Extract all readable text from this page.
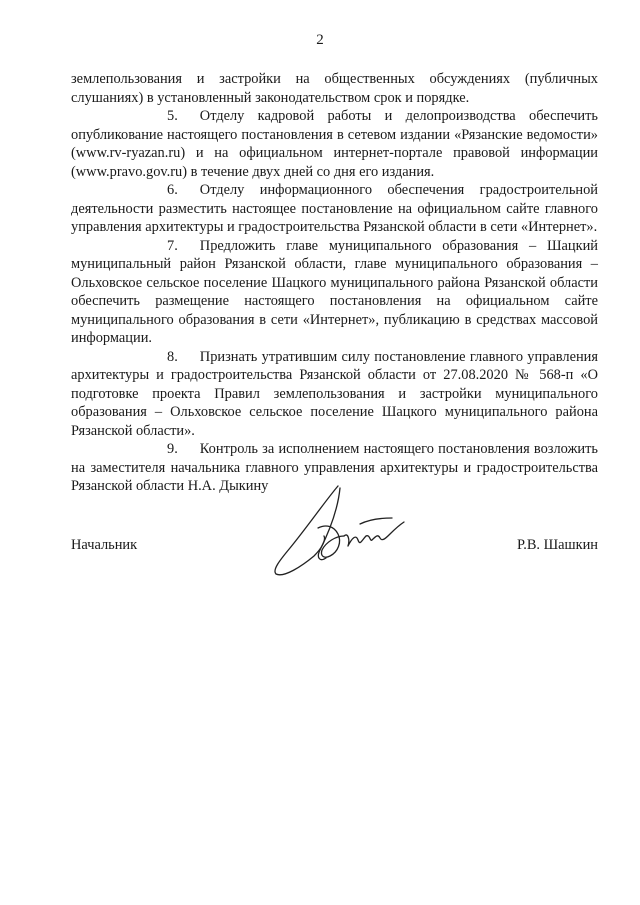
2

землепользования и застройки на общественных обсуждениях (публичных слушаниях) в установленный законодательством срок и порядке.

5. Отделу кадровой работы и делопроизводства обеспечить опубликование настоящего постановления в сетевом издании «Рязанские ведомости» (www.rv-ryazan.ru) и на официальном интернет-портале правовой информации (www.pravo.gov.ru) в течение двух дней со дня его издания.

6. Отделу информационного обеспечения градостроительной деятельности разместить настоящее постановление на официальном сайте главного управления архитектуры и градостроительства Рязанской области в сети «Интернет».

7. Предложить главе муниципального образования – Шацкий муниципальный район Рязанской области, главе муниципального образования – Ольховское сельское поселение Шацкого муниципального района Рязанской области обеспечить размещение настоящего постановления на официальном сайте муниципального образования в сети «Интернет», публикацию в средствах массовой информации.

8. Признать утратившим силу постановление главного управления архитектуры и градостроительства Рязанской области от 27.08.2020 № 568-п «О подготовке проекта Правил землепользования и застройки муниципального образования – Ольховское сельское поселение Шацкого муниципального района Рязанской области».

9. Контроль за исполнением настоящего постановления возложить на заместителя начальника главного управления архитектуры и градостроительства Рязанской области Н.А. Дыкину

Начальник	Р.В. Шашкин
